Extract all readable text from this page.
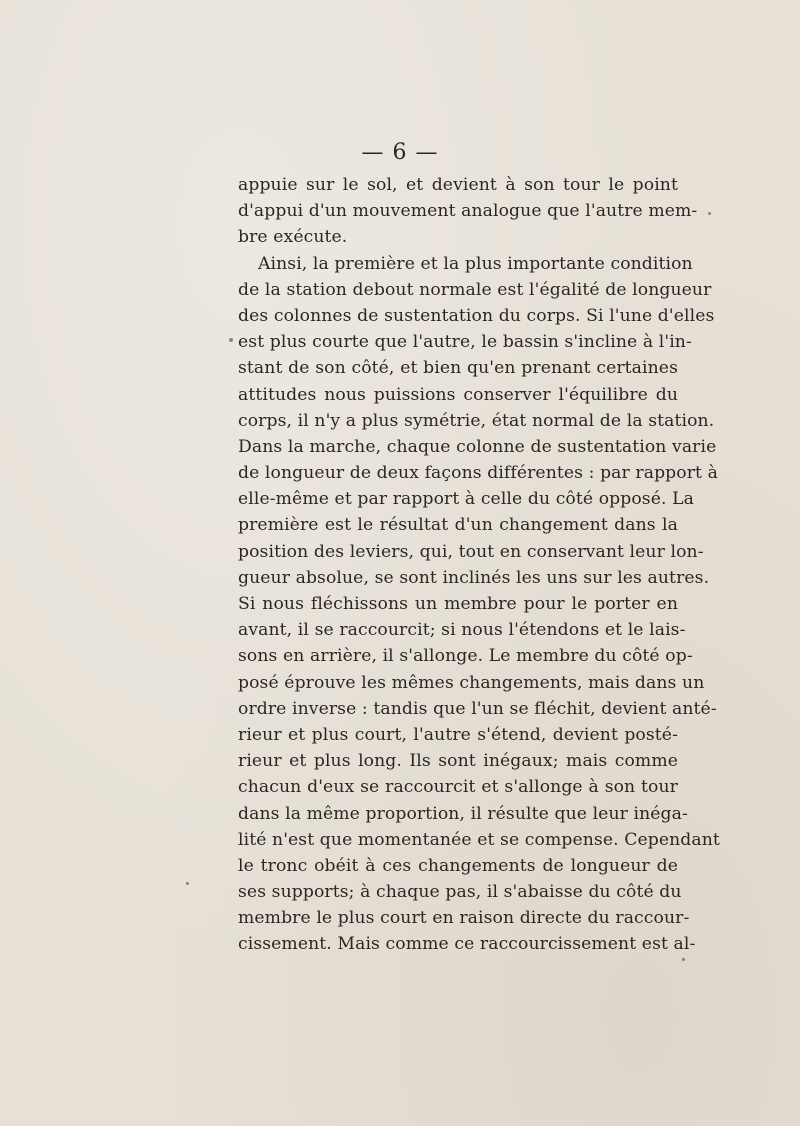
— 6 —
appuie sur le sol, et devient à son tour le point
d'appui d'un mouvement analogue que l'autre mem-
bre exécute.
Ainsi, la première et la plus importante condition
de la station debout normale est l'égalité de longueur
des colonnes de sustentation du corps. Si l'une d'elles
est plus courte que l'autre, le bassin s'incline à l'in-
stant de son côté, et bien qu'en prenant certaines
attitudes nous puissions conserver l'équilibre du
corps, il n'y a plus symétrie, état normal de la station.
Dans la marche, chaque colonne de sustentation varie
de longueur de deux façons différentes : par rapport à
elle-même et par rapport à celle du côté opposé. La
première est le résultat d'un changement dans la
position des leviers, qui, tout en conservant leur lon-
gueur absolue, se sont inclinés les uns sur les autres.
Si nous fléchissons un membre pour le porter en
avant, il se raccourcit; si nous l'étendons et le lais-
sons en arrière, il s'allonge. Le membre du côté op-
posé éprouve les mêmes changements, mais dans un
ordre inverse : tandis que l'un se fléchit, devient anté-
rieur et plus court, l'autre s'étend, devient posté-
rieur et plus long. Ils sont inégaux; mais comme
chacun d'eux se raccourcit et s'allonge à son tour
dans la même proportion, il résulte que leur inéga-
lité n'est que momentanée et se compense. Cependant
le tronc obéit à ces changements de longueur de
ses supports; à chaque pas, il s'abaisse du côté du
membre le plus court en raison directe du raccour-
cissement. Mais comme ce raccourcissement est al-
